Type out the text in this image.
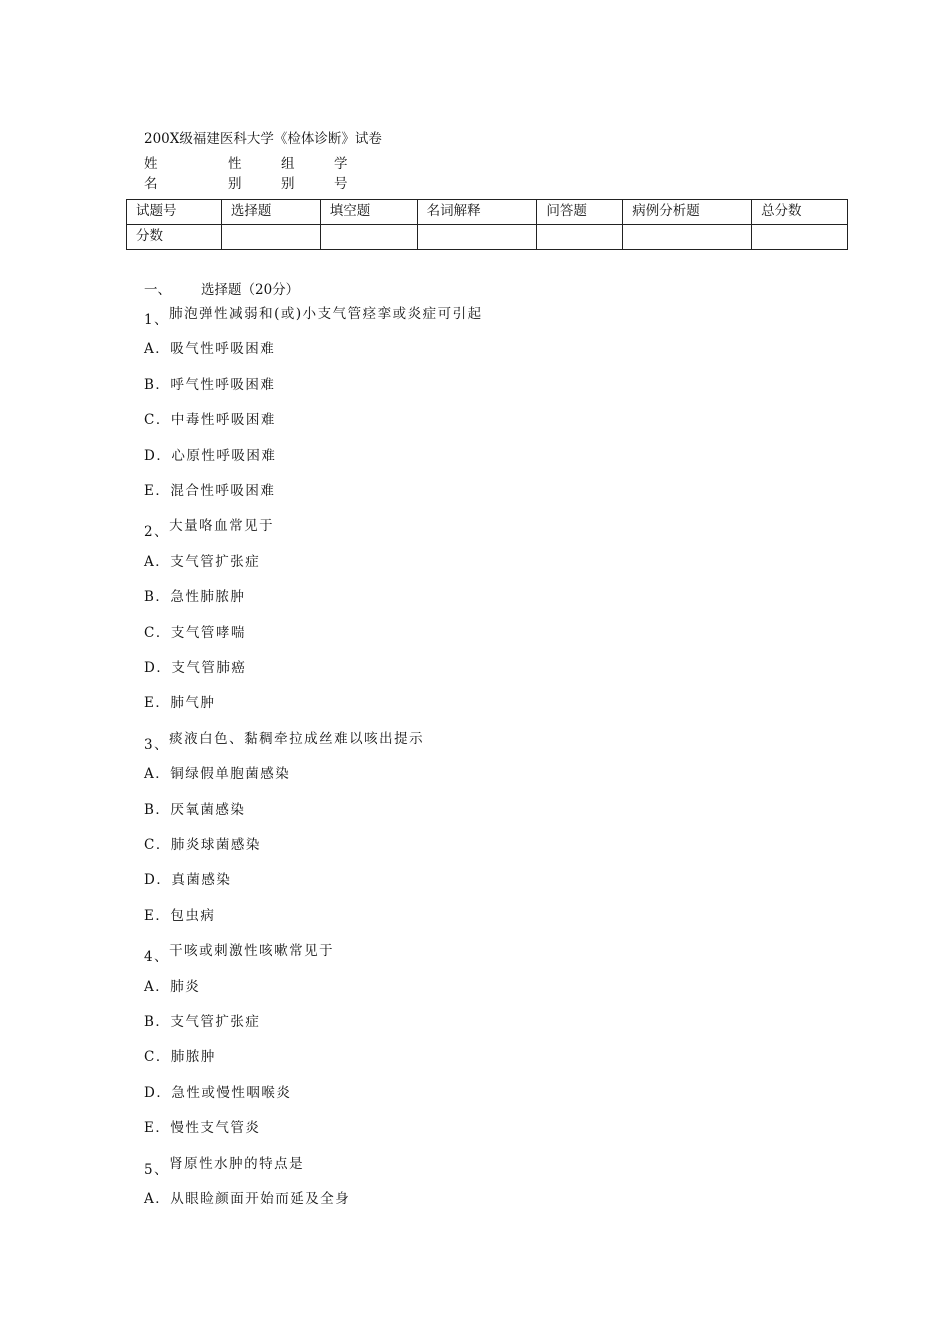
200X级福建医科大学《检体诊断》试卷
姓名
性别
组别
学号
试题号	选择题	填空题	名词解释	问答题	病例分析题	总分数
分数						
一、 选择题（20分）
1、肺泡弹性减弱和(或)小支气管痉挛或炎症可引起
A．吸气性呼吸困难
B．呼气性呼吸困难
C．中毒性呼吸困难
D．心原性呼吸困难
E．混合性呼吸困难
2、大量咯血常见于
A．支气管扩张症
B．急性肺脓肿
C．支气管哮喘
D．支气管肺癌
E．肺气肿
3、痰液白色、黏稠牵拉成丝难以咳出提示
A．铜绿假单胞菌感染
B．厌氧菌感染
C．肺炎球菌感染
D．真菌感染
E．包虫病
4、干咳或刺激性咳嗽常见于
A．肺炎
B．支气管扩张症
C．肺脓肿
D．急性或慢性咽喉炎
E．慢性支气管炎
5、肾原性水肿的特点是
A．从眼睑颜面开始而延及全身
